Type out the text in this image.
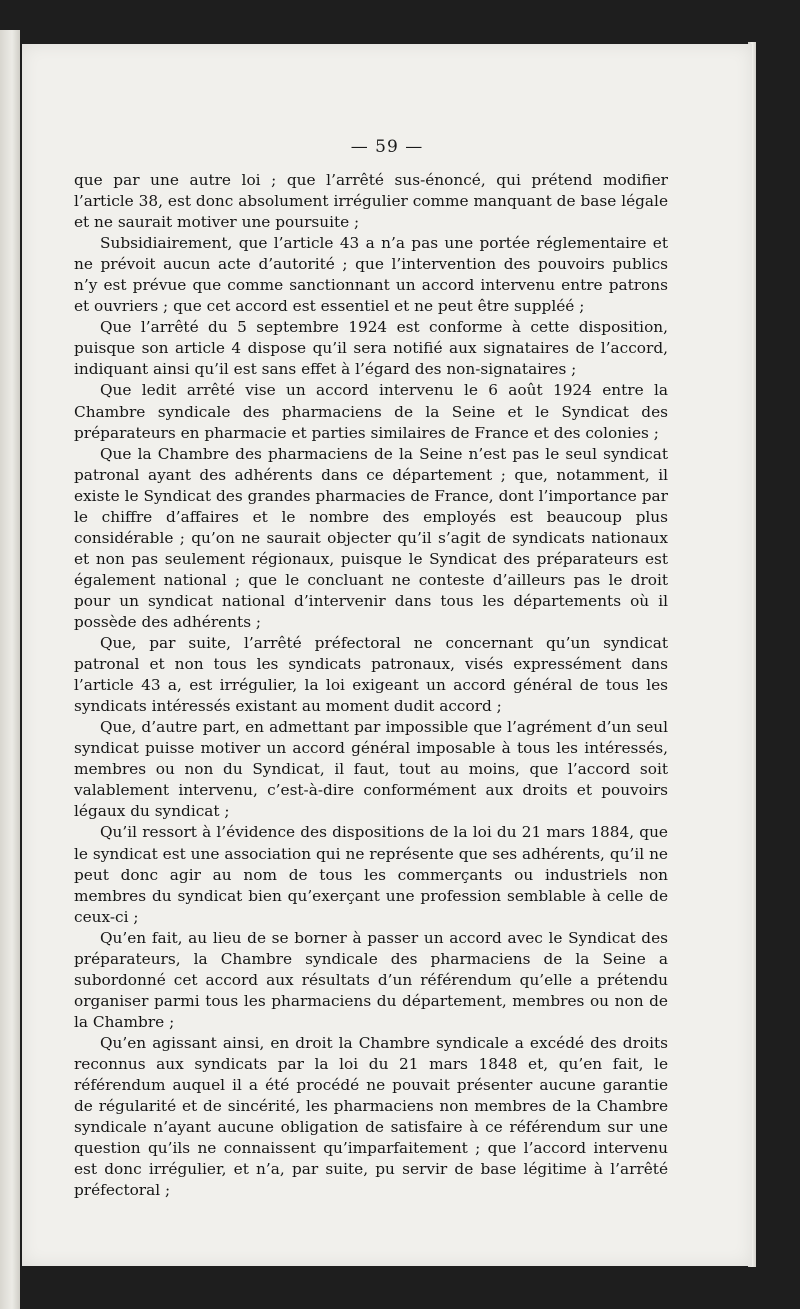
— 59 —

que par une autre loi ; que l’arrêté sus-énoncé, qui prétend modifier l’article 38, est donc absolument irrégulier comme manquant de base légale et ne saurait motiver une poursuite ;

Subsidiairement, que l’article 43 a n’a pas une portée réglementaire et ne prévoit aucun acte d’autorité ; que l’intervention des pouvoirs publics n’y est prévue que comme sanctionnant un accord intervenu entre patrons et ouvriers ; que cet accord est essentiel et ne peut être suppléé ;

Que l’arrêté du 5 septembre 1924 est conforme à cette disposition, puisque son article 4 dispose qu’il sera notifié aux signataires de l’accord, indiquant ainsi qu’il est sans effet à l’égard des non-signataires ;

Que ledit arrêté vise un accord intervenu le 6 août 1924 entre la Chambre syndicale des pharmaciens de la Seine et le Syndicat des préparateurs en pharmacie et parties similaires de France et des colonies ;

Que la Chambre des pharmaciens de la Seine n’est pas le seul syndicat patronal ayant des adhérents dans ce département ; que, notamment, il existe le Syndicat des grandes pharmacies de France, dont l’importance par le chiffre d’affaires et le nombre des employés est beaucoup plus considérable ; qu’on ne saurait objecter qu’il s’agit de syndicats nationaux et non pas seulement régionaux, puisque le Syndicat des préparateurs est également national ; que le concluant ne conteste d’ailleurs pas le droit pour un syndicat national d’intervenir dans tous les départements où il possède des adhérents ;

Que, par suite, l’arrêté préfectoral ne concernant qu’un syndicat patronal et non tous les syndicats patronaux, visés expressément dans l’article 43 a, est irrégulier, la loi exigeant un accord général de tous les syndicats intéressés existant au moment dudit accord ;

Que, d’autre part, en admettant par impossible que l’agrément d’un seul syndicat puisse motiver un accord général imposable à tous les intéressés, membres ou non du Syndicat, il faut, tout au moins, que l’accord soit valablement intervenu, c’est-à-dire conformément aux droits et pouvoirs légaux du syndicat ;

Qu’il ressort à l’évidence des dispositions de la loi du 21 mars 1884, que le syndicat est une association qui ne représente que ses adhérents, qu’il ne peut donc agir au nom de tous les commerçants ou industriels non membres du syndicat bien qu’exerçant une profession semblable à celle de ceux-ci ;

Qu’en fait, au lieu de se borner à passer un accord avec le Syndicat des préparateurs, la Chambre syndicale des pharmaciens de la Seine a subordonné cet accord aux résultats d’un référendum qu’elle a prétendu organiser parmi tous les pharmaciens du département, membres ou non de la Chambre ;

Qu’en agissant ainsi, en droit la Chambre syndicale a excédé des droits reconnus aux syndicats par la loi du 21 mars 1848 et, qu’en fait, le référendum auquel il a été procédé ne pouvait présenter aucune garantie de régularité et de sincérité, les pharmaciens non membres de la Chambre syndicale n’ayant aucune obligation de satisfaire à ce référendum sur une question qu’ils ne connaissent qu’imparfaitement ; que l’accord intervenu est donc irrégulier, et n’a, par suite, pu servir de base légitime à l’arrêté préfectoral ;
